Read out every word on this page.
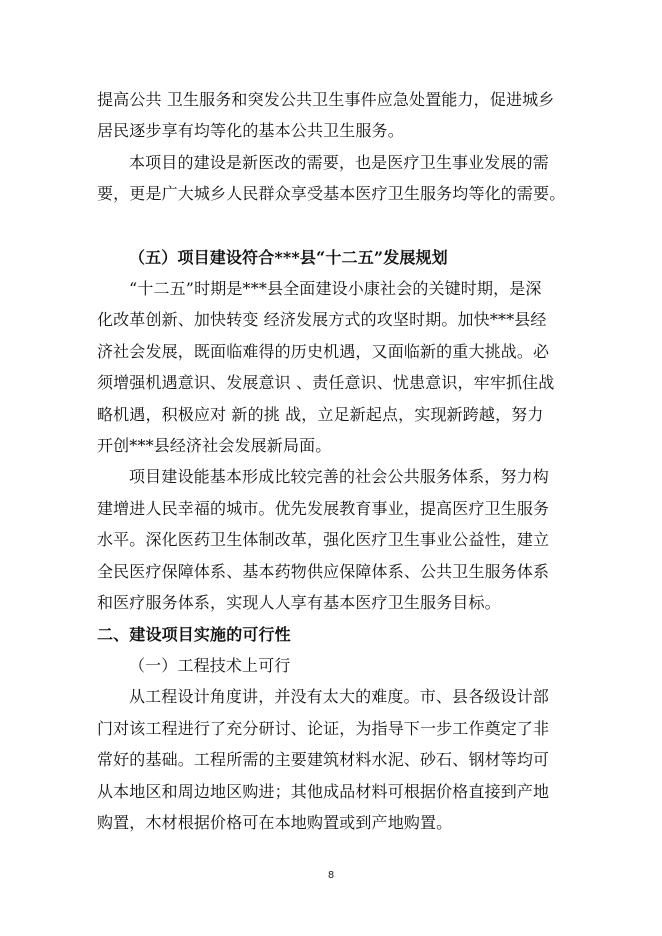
提高公共 卫生服务和突发公共卫生事件应急处置能力，促进城乡

居民逐步享有均等化的基本公共卫生服务。

本项目的建设是新医改的需要，也是医疗卫生事业发展的需

要，更是广大城乡人民群众享受基本医疗卫生服务均等化的需要。

（五）项目建设符合***县“十二五”发展规划

“十二五”时期是***县全面建设小康社会的关键时期，是深

化改革创新、加快转变 经济发展方式的攻坚时期。加快***县经

济社会发展，既面临难得的历史机遇，又面临新的重大挑战。必

须增强机遇意识、发展意识 、责任意识、忧患意识，牢牢抓住战

略机遇，积极应对 新的挑 战，立足新起点，实现新跨越，努力

开创***县经济社会发展新局面。

项目建设能基本形成比较完善的社会公共服务体系，努力构

建增进人民幸福的城市。优先发展教育事业，提高医疗卫生服务

水平。深化医药卫生体制改革，强化医疗卫生事业公益性，建立

全民医疗保障体系、基本药物供应保障体系、公共卫生服务体系

和医疗服务体系，实现人人享有基本医疗卫生服务目标。

二、建设项目实施的可行性

（一）工程技术上可行

从工程设计角度讲，并没有太大的难度。市、县各级设计部

门对该工程进行了充分研讨、论证，为指导下一步工作奠定了非

常好的基础。工程所需的主要建筑材料水泥、砂石、钢材等均可

从本地区和周边地区购进；其他成品材料可根据价格直接到产地

购置，木材根据价格可在本地购置或到产地购置。

8
